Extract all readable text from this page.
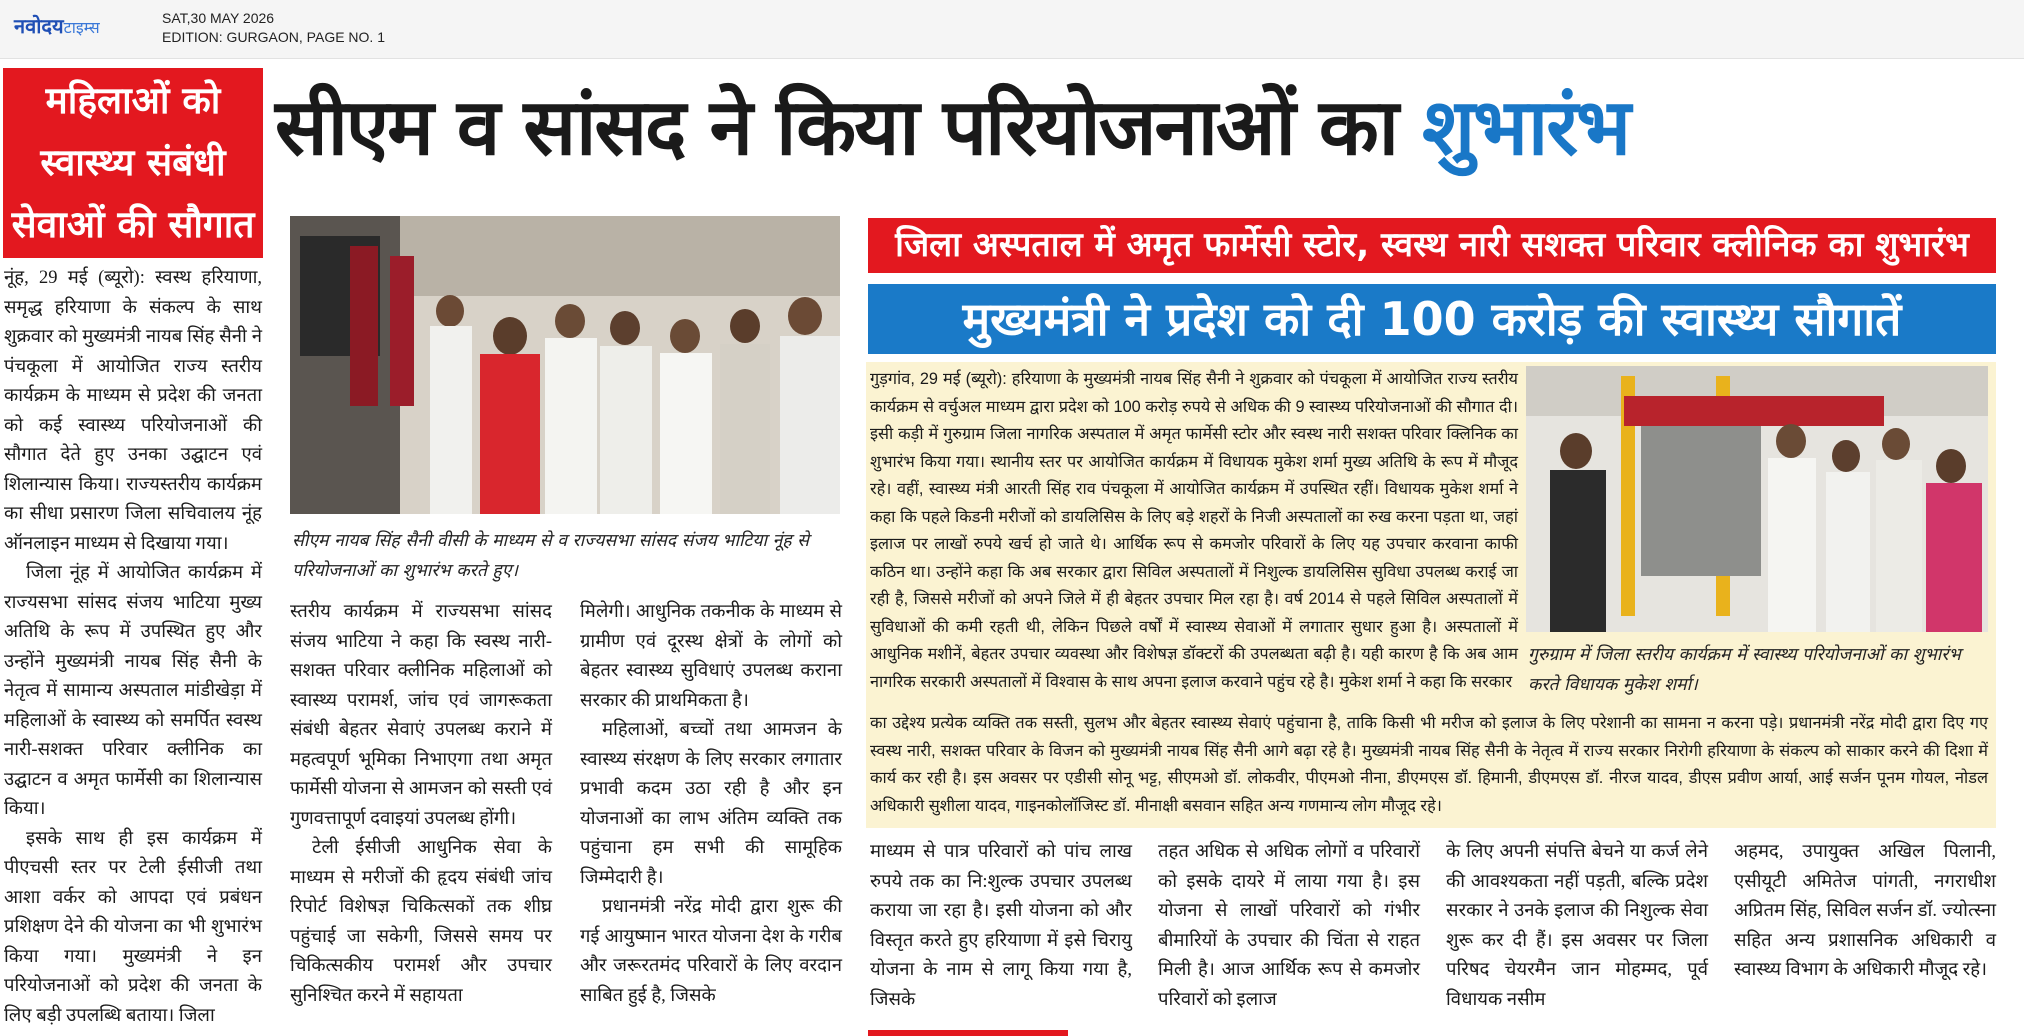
नवोदयटाइम्स	SAT,30 MAY 2026
EDITION: GURGAON, PAGE NO. 1
महिलाओं को
स्वास्थ्य संबंधी
सेवाओं की सौगात
सीएम व सांसद ने किया परियोजनाओं का शुभारंभ

नूंह, 29 मई (ब्यूरो): स्वस्थ हरियाणा, समृद्ध हरियाणा के संकल्प के साथ शुक्रवार को मुख्यमंत्री नायब सिंह सैनी ने पंचकूला में आयोजित राज्य स्तरीय कार्यक्रम के माध्यम से प्रदेश की जनता को कई स्वास्थ्य परियोजनाओं की सौगात देते हुए उनका उद्घाटन एवं शिलान्यास किया। राज्यस्तरीय कार्यक्रम का सीधा प्रसारण जिला सचिवालय नूंह ऑनलाइन माध्यम से दिखाया गया।

जिला नूंह में आयोजित कार्यक्रम में राज्यसभा सांसद संजय भाटिया मुख्य अतिथि के रूप में उपस्थित हुए और उन्होंने मुख्यमंत्री नायब सिंह सैनी के नेतृत्व में सामान्य अस्पताल मांडीखेड़ा में महिलाओं के स्वास्थ्य को समर्पित स्वस्थ नारी-सशक्त परिवार क्लीनिक का उद्घाटन व अमृत फार्मेसी का शिलान्यास किया।

इसके साथ ही इस कार्यक्रम में पीएचसी स्तर पर टेली ईसीजी तथा आशा वर्कर को आपदा एवं प्रबंधन प्रशिक्षण देने की योजना का भी शुभारंभ किया गया। मुख्यमंत्री ने इन परियोजनाओं को प्रदेश की जनता के लिए बड़ी उपलब्धि बताया। जिला

सीएम नायब सिंह सैनी वीसी के माध्यम से व राज्यसभा सांसद संजय भाटिया नूंह से परियोजनाओं का शुभारंभ करते हुए।

स्तरीय कार्यक्रम में राज्यसभा सांसद संजय भाटिया ने कहा कि स्वस्थ नारी-सशक्त परिवार क्लीनिक महिलाओं को स्वास्थ्य परामर्श, जांच एवं जागरूकता संबंधी बेहतर सेवाएं उपलब्ध कराने में महत्वपूर्ण भूमिका निभाएगा तथा अमृत फार्मेसी योजना से आमजन को सस्ती एवं गुणवत्तापूर्ण दवाइयां उपलब्ध होंगी।

टेली ईसीजी आधुनिक सेवा के माध्यम से मरीजों की हृदय संबंधी जांच रिपोर्ट विशेषज्ञ चिकित्सकों तक शीघ्र पहुंचाई जा सकेगी, जिससे समय पर चिकित्सकीय परामर्श और उपचार सुनिश्चित करने में सहायता

मिलेगी। आधुनिक तकनीक के माध्यम से ग्रामीण एवं दूरस्थ क्षेत्रों के लोगों को बेहतर स्वास्थ्य सुविधाएं उपलब्ध कराना सरकार की प्राथमिकता है।

महिलाओं, बच्चों तथा आमजन के स्वास्थ्य संरक्षण के लिए सरकार लगातार प्रभावी कदम उठा रही है और इन योजनाओं का लाभ अंतिम व्यक्ति तक पहुंचाना हम सभी की सामूहिक जिम्मेदारी है।

प्रधानमंत्री नरेंद्र मोदी द्वारा शुरू की गई आयुष्मान भारत योजना देश के गरीब और जरूरतमंद परिवारों के लिए वरदान साबित हुई है, जिसके

जिला अस्पताल में अमृत फार्मेसी स्टोर, स्वस्थ नारी सशक्त परिवार क्लीनिक का शुभारंभ
मुख्यमंत्री ने प्रदेश को दी 100 करोड़ की स्वास्थ्य सौगातें
गुड़गांव, 29 मई (ब्यूरो): हरियाणा के मुख्यमंत्री नायब सिंह सैनी ने शुक्रवार को पंचकूला में आयोजित राज्य स्तरीय कार्यक्रम से वर्चुअल माध्यम द्वारा प्रदेश को 100 करोड़ रुपये से अधिक की 9 स्वास्थ्य परियोजनाओं की सौगात दी। इसी कड़ी में गुरुग्राम जिला नागरिक अस्पताल में अमृत फार्मेसी स्टोर और स्वस्थ नारी सशक्त परिवार क्लिनिक का शुभारंभ किया गया। स्थानीय स्तर पर आयोजित कार्यक्रम में विधायक मुकेश शर्मा मुख्य अतिथि के रूप में मौजूद रहे। वहीं, स्वास्थ्य मंत्री आरती सिंह राव पंचकूला में आयोजित कार्यक्रम में उपस्थित रहीं। विधायक मुकेश शर्मा ने कहा कि पहले किडनी मरीजों को डायलिसिस के लिए बड़े शहरों के निजी अस्पतालों का रुख करना पड़ता था, जहां इलाज पर लाखों रुपये खर्च हो जाते थे। आर्थिक रूप से कमजोर परिवारों के लिए यह उपचार करवाना काफी कठिन था। उन्होंने कहा कि अब सरकार द्वारा सिविल अस्पतालों में निशुल्क डायलिसिस सुविधा उपलब्ध कराई जा रही है, जिससे मरीजों को अपने जिले में ही बेहतर उपचार मिल रहा है। वर्ष 2014 से पहले सिविल अस्पतालों में सुविधाओं की कमी रहती थी, लेकिन पिछले वर्षों में स्वास्थ्य सेवाओं में लगातार सुधार हुआ है। अस्पतालों में आधुनिक मशीनें, बेहतर उपचार व्यवस्था और विशेषज्ञ डॉक्टरों की उपलब्धता बढ़ी है। यही कारण है कि अब आम नागरिक सरकारी अस्पतालों में विश्वास के साथ अपना इलाज करवाने पहुंच रहे है। मुकेश शर्मा ने कहा कि सरकार
गुरुग्राम में जिला स्तरीय कार्यक्रम में स्वास्थ्य परियोजनाओं का शुभारंभ करते विधायक मुकेश शर्मा।
का उद्देश्य प्रत्येक व्यक्ति तक सस्ती, सुलभ और बेहतर स्वास्थ्य सेवाएं पहुंचाना है, ताकि किसी भी मरीज को इलाज के लिए परेशानी का सामना न करना पड़े। प्रधानमंत्री नरेंद्र मोदी द्वारा दिए गए स्वस्थ नारी, सशक्त परिवार के विजन को मुख्यमंत्री नायब सिंह सैनी आगे बढ़ा रहे है। मुख्यमंत्री नायब सिंह सैनी के नेतृत्व में राज्य सरकार निरोगी हरियाणा के संकल्प को साकार करने की दिशा में कार्य कर रही है। इस अवसर पर एडीसी सोनू भट्ट, सीएमओ डॉ. लोकवीर, पीएमओ नीना, डीएमएस डॉ. हिमानी, डीएमएस डॉ. नीरज यादव, डीएस प्रवीण आर्या, आई सर्जन पूनम गोयल, नोडल अधिकारी सुशीला यादव, गाइनकोलॉजिस्ट डॉ. मीनाक्षी बसवान सहित अन्य गणमान्य लोग मौजूद रहे।
माध्यम से पात्र परिवारों को पांच लाख रुपये तक का नि:शुल्क उपचार उपलब्ध कराया जा रहा है। इसी योजना को और विस्तृत करते हुए हरियाणा में इसे चिरायु योजना के नाम से लागू किया गया है, जिसके
तहत अधिक से अधिक लोगों व परिवारों को इसके दायरे में लाया गया है। इस योजना से लाखों परिवारों को गंभीर बीमारियों के उपचार की चिंता से राहत मिली है। आज आर्थिक रूप से कमजोर परिवारों को इलाज
के लिए अपनी संपत्ति बेचने या कर्ज लेने की आवश्यकता नहीं पड़ती, बल्कि प्रदेश सरकार ने उनके इलाज की निशुल्क सेवा शुरू कर दी हैं। इस अवसर पर जिला परिषद चेयरमैन जान मोहम्मद, पूर्व विधायक नसीम
अहमद, उपायुक्त अखिल पिलानी, एसीयूटी अमितेज पांगती, नगराधीश अप्रितम सिंह, सिविल सर्जन डॉ. ज्योत्स्ना सहित अन्य प्रशासनिक अधिकारी व स्वास्थ्य विभाग के अधिकारी मौजूद रहे।
